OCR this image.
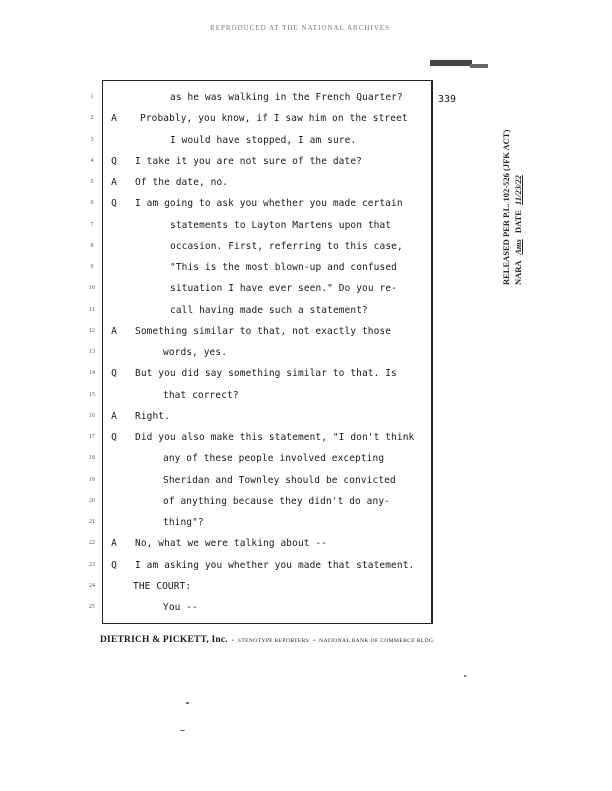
REPRODUCED AT THE NATIONAL ARCHIVES
339
1	as he was walking in the French Quarter?
2	A	Probably, you know, if I saw him on the street
3	I would have stopped, I am sure.
4	Q	I take it you are not sure of the date?
5	A	Of the date, no.
6	Q	I am going to ask you whether you made certain
7	statements to Layton Martens upon that
8	occasion. First, referring to this case,
9	"This is the most blown-up and confused
10	situation I have ever seen." Do you re-
11	call having made such a statement?
12	A	Something similar to that, not exactly those
13	words, yes.
14	Q	But you did say something similar to that. Is
15	that correct?
16	A	Right.
17	Q	Did you also make this statement, "I don't think
18	any of these people involved excepting
19	Sheridan and Townley should be convicted
20	of anything because they didn't do any-
21	thing"?
22	A	No, what we were talking about --
23	Q	I am asking you whether you made that statement.
24	THE COURT:
25	You --
DIETRICH & PICKETT, Inc.  •  STENOTYPE REPORTERS  •  NATIONAL BANK OF COMMERCE BLDG.
RELEASED PER P.L. 102-526 (JFK ACT) NARA Ams DATE 11/23/22
